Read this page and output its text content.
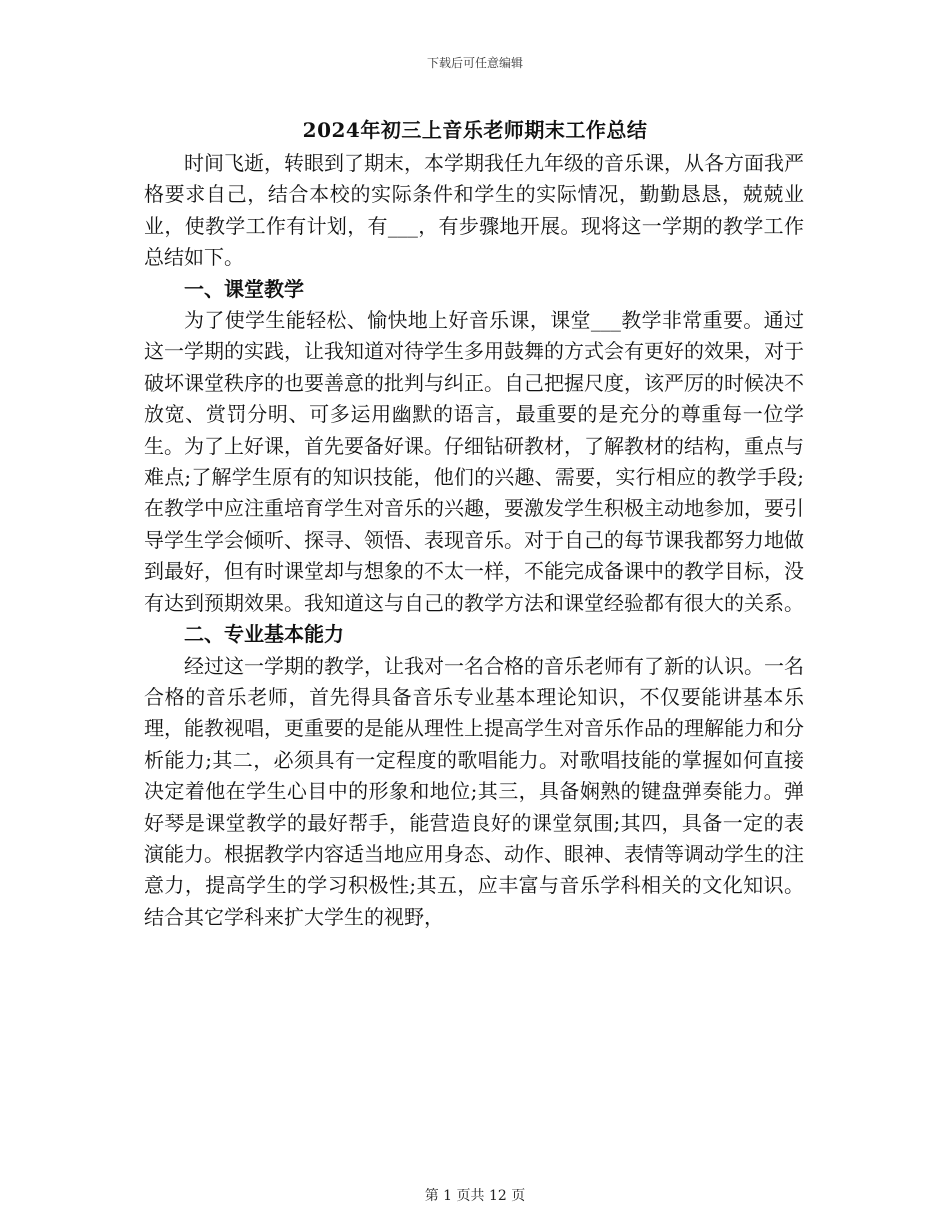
下载后可任意编辑
2024年初三上音乐老师期末工作总结

时间飞逝，转眼到了期末，本学期我任九年级的音乐课，从各方面我严格要求自己，结合本校的实际条件和学生的实际情况，勤勤恳恳，兢兢业业，使教学工作有计划，有___，有步骤地开展。现将这一学期的教学工作总结如下。

一、课堂教学

为了使学生能轻松、愉快地上好音乐课，课堂___教学非常重要。通过这一学期的实践，让我知道对待学生多用鼓舞的方式会有更好的效果，对于破坏课堂秩序的也要善意的批判与纠正。自己把握尺度，该严厉的时候决不放宽、赏罚分明、可多运用幽默的语言，最重要的是充分的尊重每一位学生。为了上好课，首先要备好课。仔细钻研教材，了解教材的结构，重点与难点;了解学生原有的知识技能，他们的兴趣、需要，实行相应的教学手段;在教学中应注重培育学生对音乐的兴趣，要激发学生积极主动地参加，要引导学生学会倾听、探寻、领悟、表现音乐。对于自己的每节课我都努力地做到最好，但有时课堂却与想象的不太一样，不能完成备课中的教学目标，没有达到预期效果。我知道这与自己的教学方法和课堂经验都有很大的关系。

二、专业基本能力

经过这一学期的教学，让我对一名合格的音乐老师有了新的认识。一名合格的音乐老师，首先得具备音乐专业基本理论知识，不仅要能讲基本乐理，能教视唱，更重要的是能从理性上提高学生对音乐作品的理解能力和分析能力;其二，必须具有一定程度的歌唱能力。对歌唱技能的掌握如何直接决定着他在学生心目中的形象和地位;其三，具备娴熟的键盘弹奏能力。弹好琴是课堂教学的最好帮手，能营造良好的课堂氛围;其四，具备一定的表演能力。根据教学内容适当地应用身态、动作、眼神、表情等调动学生的注意力，提高学生的学习积极性;其五，应丰富与音乐学科相关的文化知识。结合其它学科来扩大学生的视野，

第 1 页共 12 页
